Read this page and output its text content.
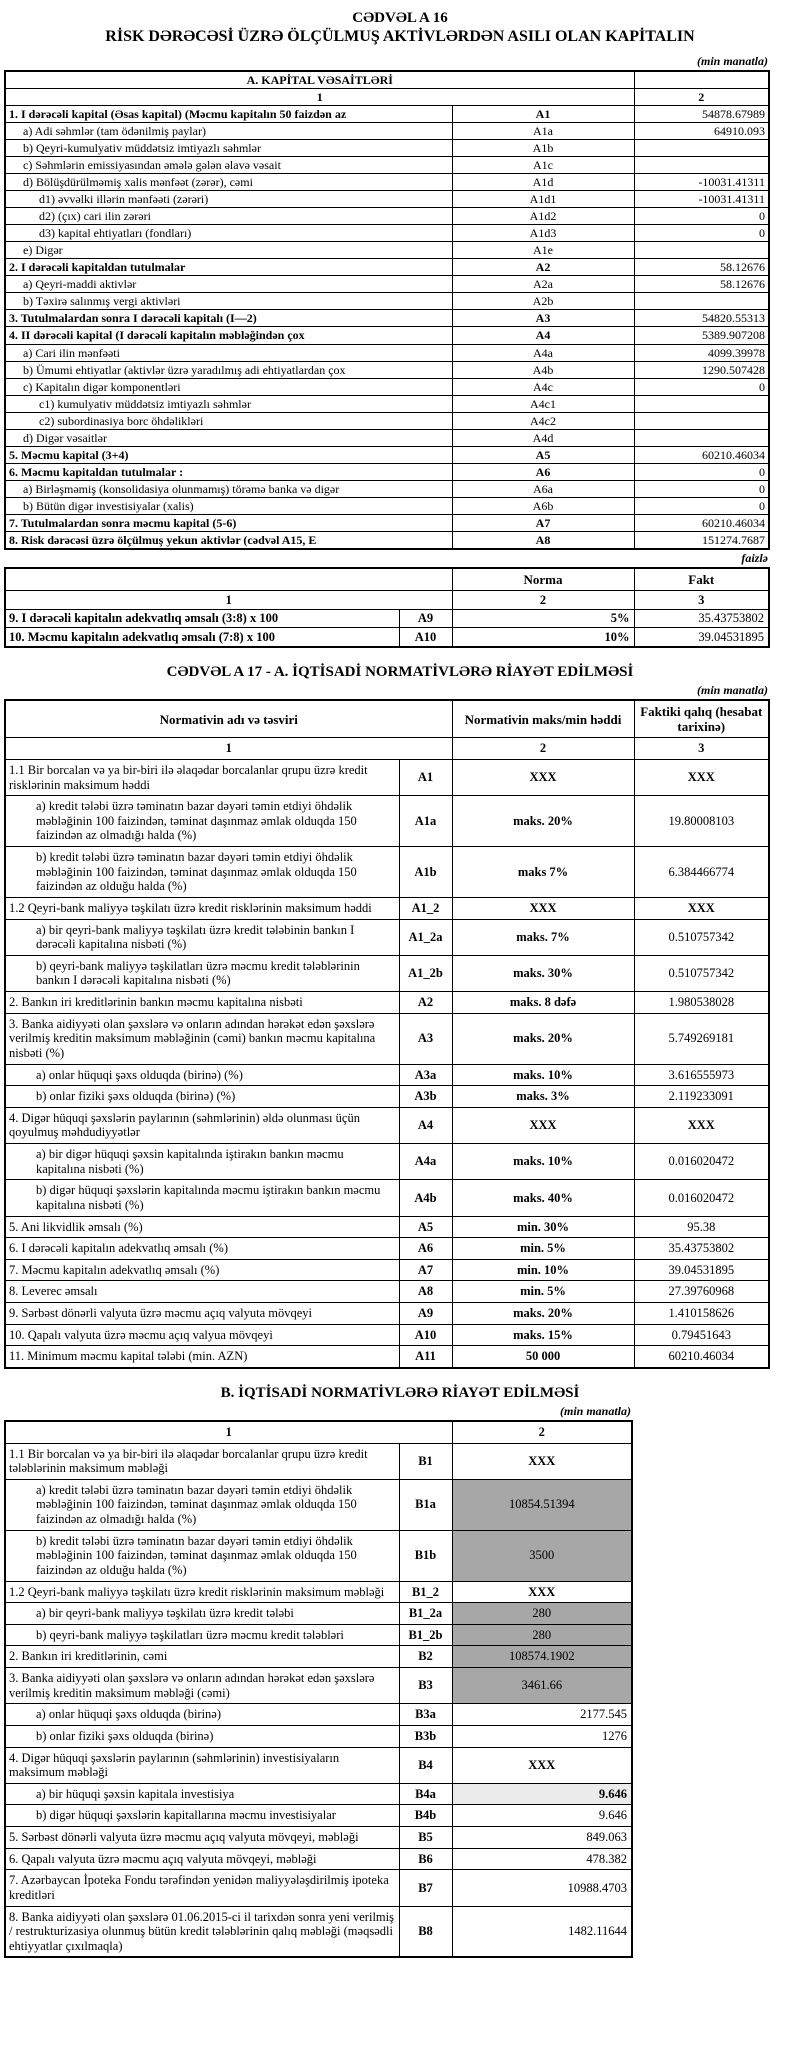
CƏDVƏL A 16
RİSK DƏRƏCƏSİ ÜZRƏ ÖLÇÜLMUŞ AKTİVLƏRDƏN ASILI OLAN KAPİTALIN
(min manatla)
A. KAPİTAL VƏSAİTLƏRİ		
1		2
1. I dərəcəli kapital (Əsas kapital) (Məcmu kapitalın 50 faizdən az	A1	54878.67989
a) Adi səhmlər (tam ödənilmiş paylar)	A1a	64910.093
b) Qeyri-kumulyativ müddətsiz imtiyazlı səhmlər	A1b	
c) Səhmlərin emissiyasından əmələ gələn əlavə vəsait	A1c	
d) Bölüşdürülməmiş xalis mənfəət (zərər), cəmi	A1d	-10031.41311
d1) əvvəlki illərin mənfəəti (zərəri)	A1d1	-10031.41311
d2) (çıx) cari ilin zərəri	A1d2	0
d3) kapital ehtiyatları (fondları)	A1d3	0
e) Digər	A1e	
2. I dərəcəli kapitaldan tutulmalar	A2	58.12676
a) Qeyri-maddi aktivlər	A2a	58.12676
b) Təxirə salınmış vergi aktivləri	A2b	
3. Tutulmalardan sonra I dərəcəli kapitalı (I—2)	A3	54820.55313
4. II dərəcəli kapital (I dərəcəli kapitalın məbləğindən çox	A4	5389.907208
a) Cari ilin mənfəəti	A4a	4099.39978
b) Ümumi ehtiyatlar (aktivlər üzrə yaradılmış adi ehtiyatlardan çox	A4b	1290.507428
c) Kapitalın digər komponentləri	A4c	0
c1) kumulyativ müddətsiz imtiyazlı səhmlər	A4c1	
c2) subordinasiya borc öhdəlikləri	A4c2	
d) Digər vəsaitlər	A4d	
5. Məcmu kapital (3+4)	A5	60210.46034
6. Məcmu kapitaldan tutulmalar :	A6	0
a) Birləşməmiş (konsolidasiya olunmamış) törəmə banka və digər	A6a	0
b) Bütün digər investisiyalar (xalis)	A6b	0
7. Tutulmalardan sonra məcmu kapital (5-6)	A7	60210.46034
8. Risk dərəcəsi üzrə ölçülmuş yekun aktivlər (cədvəl A15, E	A8	151274.7687
faizlə
		Norma	Fakt
1		2	3
9. I dərəcəli kapitalın adekvatlıq əmsalı (3:8) x 100	A9	5%	35.43753802
10. Məcmu kapitalın adekvatlıq əmsalı (7:8) x 100	A10	10%	39.04531895
CƏDVƏL A 17 - A. İQTİSADİ NORMATİVLƏRƏ RİAYƏT EDİLMƏSİ
(min manatla)
Normativin adı və təsviri		Normativin maks/min həddi	Faktiki qalıq (hesabat tarixinə)
1		2	3
1.1 Bir borcalan və ya bir-biri ilə əlaqədar borcalanlar qrupu üzrə kredit risklərinin maksimum həddi	A1	XXX	XXX
a) kredit tələbi üzrə təminatın bazar dəyəri təmin etdiyi öhdəlik məbləğinin 100 faizindən, təminat daşınmaz əmlak olduqda 150 faizindən az olmadığı halda (%)	A1a	maks. 20%	19.80008103
b) kredit tələbi üzrə təminatın bazar dəyəri təmin etdiyi öhdəlik məbləğinin 100 faizindən, təminat daşınmaz əmlak olduqda 150 faizindən az olduğu halda (%)	A1b	maks 7%	6.384466774
1.2 Qeyri-bank maliyyə təşkilatı üzrə kredit risklərinin maksimum həddi	A1_2	XXX	XXX
a) bir qeyri-bank maliyyə təşkilatı üzrə kredit tələbinin bankın I dərəcəli kapitalına nisbəti (%)	A1_2a	maks. 7%	0.510757342
b) qeyri-bank maliyyə təşkilatları üzrə məcmu kredit tələblərinin bankın I dərəcəli kapitalına nisbəti (%)	A1_2b	maks. 30%	0.510757342
2. Bankın iri kreditlərinin bankın məcmu kapitalına nisbəti	A2	maks. 8 dəfə	1.980538028
3. Banka aidiyyəti olan şəxslərə və onların adından hərəkət edən şəxslərə verilmiş kreditin maksimum məbləğinin (cəmi) bankın məcmu kapitalına nisbəti (%)	A3	maks. 20%	5.749269181
a) onlar hüquqi şəxs olduqda (birinə) (%)	A3a	maks. 10%	3.616555973
b) onlar fiziki şəxs olduqda (birinə) (%)	A3b	maks. 3%	2.119233091
4. Digər hüquqi şəxslərin paylarının (səhmlərinin) əldə olunması üçün qoyulmuş məhdudiyyətlər	A4	XXX	XXX
a) bir digər hüquqi şəxsin kapitalında iştirakın bankın məcmu kapitalına nisbəti (%)	A4a	maks. 10%	0.016020472
b) digər hüquqi şəxslərin kapitalında məcmu iştirakın bankın məcmu kapitalına nisbəti (%)	A4b	maks. 40%	0.016020472
5. Ani likvidlik əmsalı (%)	A5	min. 30%	95.38
6. I dərəcəli kapitalın adekvatlıq əmsalı (%)	A6	min. 5%	35.43753802
7. Məcmu kapitalın adekvatlıq əmsalı (%)	A7	min. 10%	39.04531895
8. Leverec əmsalı	A8	min. 5%	27.39760968
9. Sərbəst dönərli valyuta üzrə məcmu açıq valyuta mövqeyi	A9	maks. 20%	1.410158626
10. Qapalı valyuta üzrə məcmu açıq valyua mövqeyi	A10	maks. 15%	0.79451643
11. Minimum məcmu kapital tələbi (min. AZN)	A11	50 000	60210.46034
B. İQTİSADİ NORMATİVLƏRƏ RİAYƏT EDİLMƏSİ
(min manatla)
1		2
1.1 Bir borcalan və ya bir-biri ilə əlaqədar borcalanlar qrupu üzrə kredit tələblərinin maksimum məbləği	B1	XXX
a) kredit tələbi üzrə təminatın bazar dəyəri təmin etdiyi öhdəlik məbləğinin 100 faizindən, təminat daşınmaz əmlak olduqda 150 faizindən az olmadığı halda (%)	B1a	10854.51394
b) kredit tələbi üzrə təminatın bazar dəyəri təmin etdiyi öhdəlik məbləğinin 100 faizindən, təminat daşınmaz əmlak olduqda 150 faizindən az olduğu halda (%)	B1b	3500
1.2 Qeyri-bank maliyyə təşkilatı üzrə kredit risklərinin maksimum məbləği	B1_2	XXX
a) bir qeyri-bank maliyyə təşkilatı üzrə kredit tələbi	B1_2a	280
b) qeyri-bank maliyyə təşkilatları üzrə məcmu kredit tələbləri	B1_2b	280
2. Bankın iri kreditlərinin, cəmi	B2	108574.1902
3. Banka aidiyyəti olan şəxslərə və onların adından hərəkət edən şəxslərə verilmiş kreditin maksimum məbləği (cəmi)	B3	3461.66
a) onlar hüquqi şəxs olduqda (birinə)	B3a	2177.545
b) onlar fiziki şəxs olduqda (birinə)	B3b	1276
4. Digər hüquqi şəxslərin paylarının (səhmlərinin) investisiyaların maksimum məbləği	B4	XXX
a) bir hüquqi şəxsin kapitala investisiya	B4a	9.646
b) digər hüquqi şəxslərin kapitallarına məcmu investisiyalar	B4b	9.646
5. Sərbəst dönərli valyuta üzrə məcmu açıq valyuta mövqeyi, məbləği	B5	849.063
6. Qapalı valyuta üzrə məcmu açıq valyuta mövqeyi, məbləği	B6	478.382
7. Azərbaycan İpoteka Fondu tərəfindən yenidən maliyyələşdirilmiş ipoteka kreditləri	B7	10988.4703
8. Banka aidiyyəti olan şəxslərə 01.06.2015-ci il tarixdən sonra yeni verilmiş / restrukturizasiya olunmuş bütün kredit tələblərinin qalıq məbləği (məqsədli ehtiyyatlar çıxılmaqla)	B8	1482.11644
